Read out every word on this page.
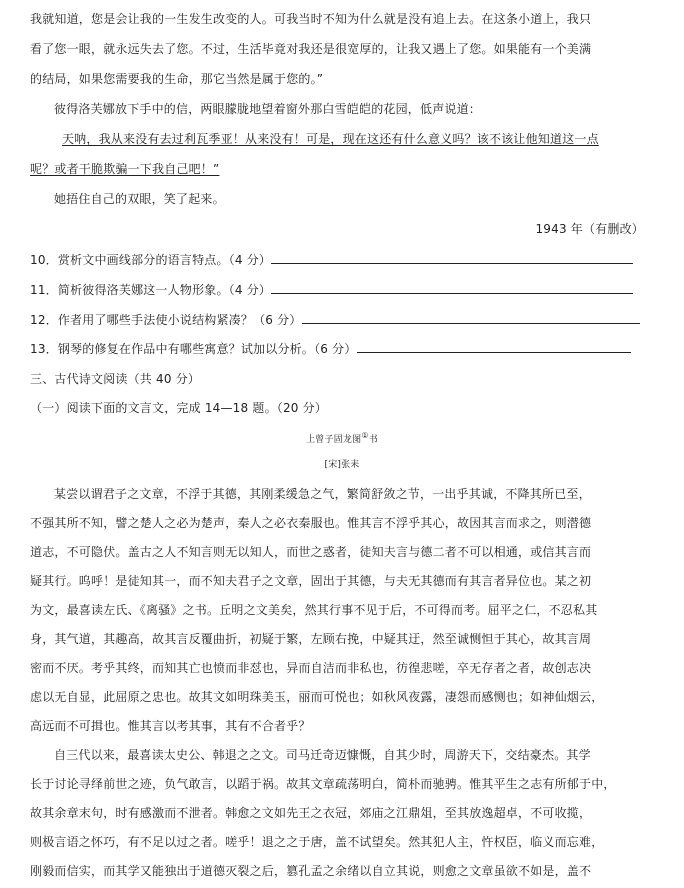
我就知道，您是会让我的一生发生改变的人。可我当时不知为什么就是没有追上去。在这条小道上，我只
看了您一眼，就永远失去了您。不过，生活毕竟对我还是很宽厚的，让我又遇上了您。如果能有一个美满
的结局，如果您需要我的生命，那它当然是属于您的。”
彼得洛芙娜放下手中的信，两眼朦胧地望着窗外那白雪皑皑的花园，低声说道：
天呐，我从来没有去过利瓦季亚！从来没有！可是，现在这还有什么意义吗？该不该让他知道这一点
呢？或者干脆欺骗一下我自己吧！”
她捂住自己的双眼，笑了起来。
1943 年（有删改）
10．赏析文中画线部分的语言特点。（4 分）
11．简析彼得洛芙娜这一人物形象。（4 分）
12．作者用了哪些手法使小说结构紧凑？（6 分）
13．钢琴的修复在作品中有哪些寓意？试加以分析。（6 分）
三、古代诗文阅读（共 40 分）
（一）阅读下面的文言文，完成 14—18 题。（20 分）
上曾子固龙图①书
[宋]张耒
某尝以谓君子之文章，不浮于其德，其刚柔缓急之气，繁简舒敛之节，一出乎其诚，不降其所已至，
不强其所不知，譬之楚人之必为楚声，秦人之必衣秦服也。惟其言不浮乎其心，故因其言而求之，则潜德
道志，不可隐伏。盖古之人不知言则无以知人，而世之惑者，徒知夫言与德二者不可以相通，或信其言而
疑其行。呜呼！是徒知其一，而不知夫君子之文章，固出于其德，与夫无其德而有其言者异位也。某之初
为文，最喜读左氏、《离骚》之书。丘明之文美矣，然其行事不见于后，不可得而考。屈平之仁，不忍私其
身，其气道，其趣高，故其言反覆曲折，初疑于繁，左顾右挽，中疑其迂，然至诚恻怛于其心，故其言周
密而不厌。考乎其终，而知其亡也愤而非怼也，异而自洁而非私也，彷徨悲嗟，卒无存者之者，故创志决
虑以无自显，此屈原之忠也。故其文如明珠美玉，丽而可悦也；如秋风夜露，凄怨而感恻也；如神仙烟云，
高远而不可揖也。惟其言以考其事，其有不合者乎？
自三代以来，最喜读太史公、韩退之之文。司马迁奇迈慷慨，自其少时，周游天下，交结豪杰。其学
长于讨论寻绎前世之迹，负气敢言，以蹈于祸。故其文章疏荡明白，简朴而驰骋。惟其平生之志有所郁于中，
故其余章末句，时有感激而不泄者。韩愈之文如先王之衣冠，郊庙之江鼎俎，至其放逸超卓，不可收揽，
则极言语之怀巧，有不足以过之者。嗟乎！退之之于唐，盖不试望矣。然其犯人主，忤权臣，临义而忘难，
刚毅而信实，而其学又能独出于道德灭裂之后，篡孔孟之余绪以自立其说，则愈之文章虽欲不如是，盖不
